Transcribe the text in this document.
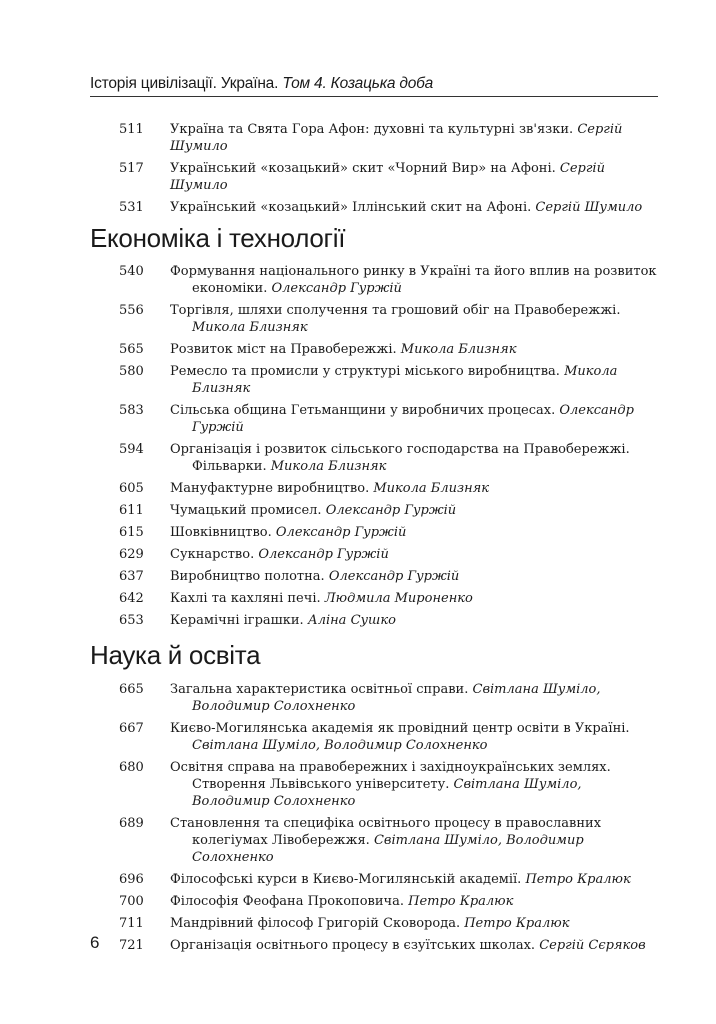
Історія цивілізації. Україна. Том 4. Козацька доба
511	Україна та Свята Гора Афон: духовні та культурні зв'язки. Сергій Шумило
517	Український «козацький» скит «Чорний Вир» на Афоні. Сергій Шумило
531	Український «козацький» Іллінський скит на Афоні. Сергій Шумило
Економіка і технології
540	Формування національного ринку в Україні та його вплив на розвиток економіки. Олександр Гуржій
556	Торгівля, шляхи сполучення та грошовий обіг на Правобережжі. Микола Близняк
565	Розвиток міст на Правобережжі. Микола Близняк
580	Ремесло та промисли у структурі міського виробництва. Микола Близняк
583	Сільська община Гетьманщини у виробничих процесах. Олександр Гуржій
594	Організація і розвиток сільського господарства на Правобережжі. Фільварки. Микола Близняк
605	Мануфактурне виробництво. Микола Близняк
611	Чумацький промисел. Олександр Гуржій
615	Шовківництво. Олександр Гуржій
629	Сукнарство. Олександр Гуржій
637	Виробництво полотна. Олександр Гуржій
642	Кахлі та кахляні печі. Людмила Мироненко
653	Керамічні іграшки. Аліна Сушко
Наука й освіта
665	Загальна характеристика освітньої справи. Світлана Шуміло, Володимир Солохненко
667	Києво-Могилянська академія як провідний центр освіти в Україні. Світлана Шуміло, Володимир Солохненко
680	Освітня справа на правобережних і західноукраїнських землях. Створення Львівського університету. Світлана Шуміло, Володимир Солохненко
689	Становлення та специфіка освітнього процесу в православних колегіумах Лівобережжя. Світлана Шуміло, Володимир Солохненко
696	Філософські курси в Києво-Могилянській академії. Петро Кралюк
700	Філософія Феофана Прокоповича. Петро Кралюк
711	Мандрівний філософ Григорій Сковорода. Петро Кралюк
721	Організація освітнього процесу в єзуїтських школах. Сергій Сєряков
6
